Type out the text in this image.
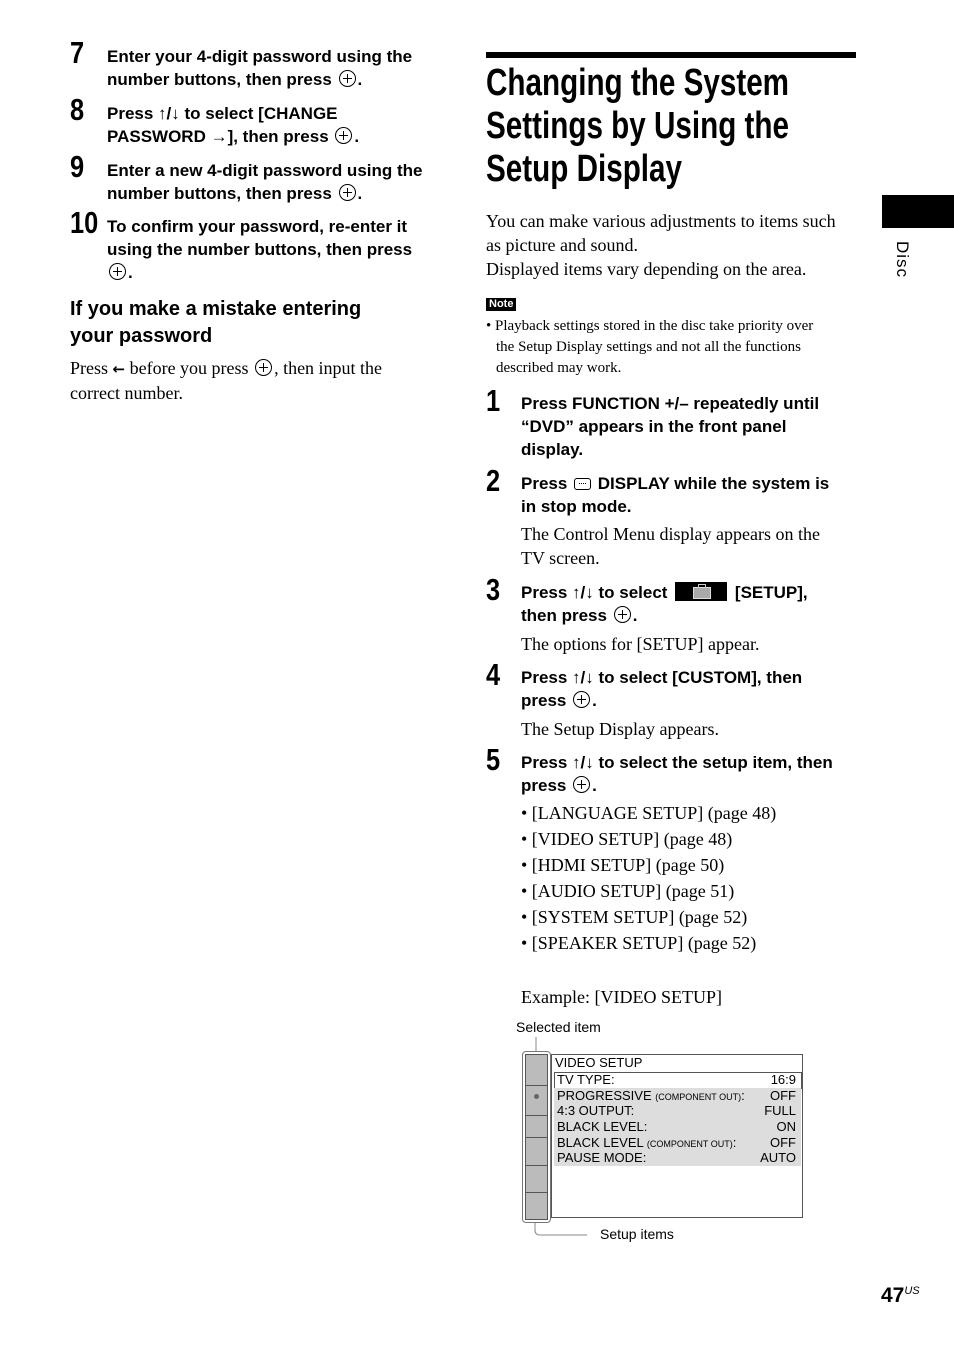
7 Enter your 4-digit password using the
number buttons, then press .
8 Press ↑/↓ to select [CHANGE
PASSWORD →], then press .
9 Enter a new 4-digit password using the
number buttons, then press .
10 To confirm your password, re-enter it
using the number buttons, then press
.
If you make a mistake entering
your password
Press ← before you press , then input the
correct number.
Changing the System
Settings by Using the
Setup Display
You can make various adjustments to items such
as picture and sound.
Displayed items vary depending on the area.
Note
• Playback settings stored in the disc take priority over
the Setup Display settings and not all the functions
described may work.
1 Press FUNCTION +/– repeatedly until
“DVD” appears in the front panel
display.
2 Press  DISPLAY while the system is
in stop mode.
The Control Menu display appears on the
TV screen.
3 Press ↑/↓ to select	[SETUP],
then press .
The options for [SETUP] appear.
4 Press ↑/↓ to select [CUSTOM], then
press .
The Setup Display appears.
5 Press ↑/↓ to select the setup item, then
press .
• [LANGUAGE SETUP] (page 48)
• [VIDEO SETUP] (page 48)
• [HDMI SETUP] (page 50)
• [AUDIO SETUP] (page 51)
• [SYSTEM SETUP] (page 52)
• [SPEAKER SETUP] (page 52)
Example: [VIDEO SETUP]
Selected item
Setup items
VIDEO SETUP
TV TYPE:	16:9
PROGRESSIVE (COMPONENT OUT): OFF
4:3 OUTPUT:	FULL
BLACK LEVEL:	ON
BLACK LEVEL (COMPONENT OUT):	OFF
PAUSE MODE:	AUTO
Disc
$47^{US}$
